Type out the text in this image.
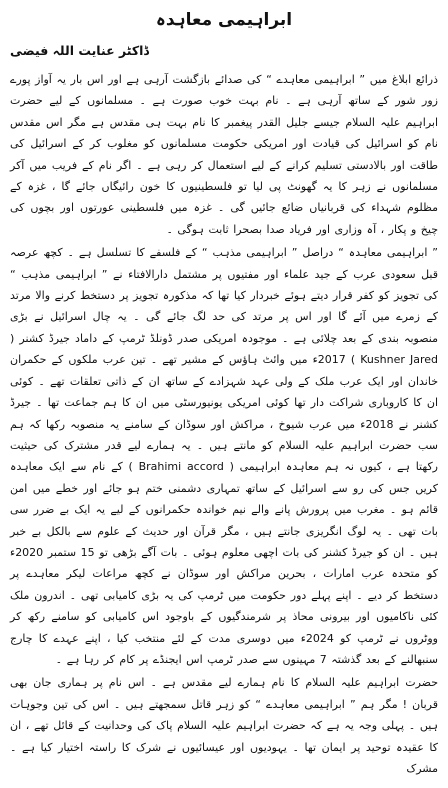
ابراہیمی معاہدہ
ڈاکٹر عنایت اللہ فیضی

ذرائع ابلاغ میں ” ابراہیمی معاہدے “ کی صدائے بازگشت آرہی ہے اور اس بار یہ آواز پورے زور شور کے ساتھ آرہی ہے ۔ نام بہت خوب صورت ہے ۔ مسلمانوں کے لیے حضرت ابراہیم علیہ السلام جیسے جلیل القدر پیغمبر کا نام بہت ہی مقدس ہے مگر اس مقدس نام کو اسرائیل کی قیادت اور امریکی حکومت مسلمانوں کو مغلوب کر کے اسرائیل کی طاقت اور بالادستی تسلیم کرانے کے لیے استعمال کر رہی ہے ۔ اگر نام کے فریب میں آکر مسلمانوں نے زہر کا یہ گھونٹ پی لیا تو فلسطینیوں کا خون رائیگاں جائے گا ، غزہ کے مظلوم شہداء کی قربانیاں ضائع جائیں گی ۔ غزہ میں فلسطینی عورتوں اور بچوں کی چیخ و پکار ، آہ وزاری اور فریاد صدا بصحرا ثابت ہوگی ۔

” ابراہیمی معاہدہ “ دراصل ” ابراہیمی مذہب “ کے فلسفے کا تسلسل ہے ۔ کچھ عرصہ قبل سعودی عرب کے جید علماء اور مفتیوں پر مشتمل دارالافتاء نے ” ابراہیمی مذہب “ کی تجویز کو کفر قرار دیتے ہوئے خبردار کیا تھا کہ مذکورہ تجویز پر دستخط کرنے والا مرتد کے زمرے میں آئے گا اور اس پر مرتد کی حد لگ جائے گی ۔ یہ چال اسرائیل نے بڑی منصوبہ بندی کے بعد چلائی ہے ۔ موجودہ امریکی صدر ڈونلڈ ٹرمپ کے داماد جیرڈ کشنر ( Kushner Jared ) 2017ء میں وائٹ ہاؤس کے مشیر تھے ۔ تین عرب ملکوں کے حکمران خاندان اور ایک عرب ملک کے ولی عہد شہزادے کے ساتھ ان کے ذاتی تعلقات تھے ۔ کوئی ان کا کاروباری شراکت دار تھا کوئی امریکی یونیورسٹی میں ان کا ہم جماعت تھا ۔ جیرڈ کشنر نے 2018ء میں عرب شیوخ ، مراکش اور سوڈان کے سامنے یہ منصوبہ رکھا کہ ہم سب حضرت ابراہیم علیہ السلام کو مانتے ہیں ۔ یہ ہمارے لیے قدر مشترک کی حیثیت رکھتا ہے ، کیوں نہ ہم معاہدہ ابراہیمی ( Brahimi accord ) کے نام سے ایک معاہدہ کریں جس کی رو سے اسرائیل کے ساتھ تمہاری دشمنی ختم ہو جائے اور خطے میں امن قائم ہو ۔ مغرب میں پرورش پانے والے نیم خواندہ حکمرانوں کے لیے یہ ایک بے ضرر سی بات تھی ۔ یہ لوگ انگریزی جانتے ہیں ، مگر قرآن اور حدیث کے علوم سے بالکل بے خبر ہیں ۔ ان کو جیرڈ کشنر کی بات اچھی معلوم ہوئی ۔ بات آگے بڑھی تو 15 ستمبر 2020ء کو متحدہ عرب امارات ، بحرین مراکش اور سوڈان نے کچھ مراعات لیکر معاہدے پر دستخط کر دیے ۔ اپنے پہلے دور حکومت میں ٹرمپ کی یہ بڑی کامیابی تھی ۔ اندرون ملک کئی ناکامیوں اور بیرونی محاذ پر شرمندگیوں کے باوجود اس کامیابی کو سامنے رکھ کر ووٹروں نے ٹرمپ کو 2024ء میں دوسری مدت کے لئے منتخب کیا ، اپنے عہدے کا چارج سنبھالنے کے بعد گذشتہ 7 مہینوں سے صدر ٹرمپ اس ایجنڈے پر کام کر رہا ہے ۔

حضرت ابراہیم علیہ السلام کا نام ہمارے لیے مقدس ہے ۔ اس نام پر ہماری جان بھی قربان ! مگر ہم ” ابراہیمی معاہدے “ کو زہر قاتل سمجھتے ہیں ۔ اس کی تین وجوہات ہیں ۔ پہلی وجہ یہ ہے کہ حضرت ابراہیم علیہ السلام پاک کی وحدانیت کے قائل تھے ، ان کا عقیدہ توحید پر ایمان تھا ۔ یہودیوں اور عیسائیوں نے شرک کا راستہ اختیار کیا ہے ۔ مشرک
